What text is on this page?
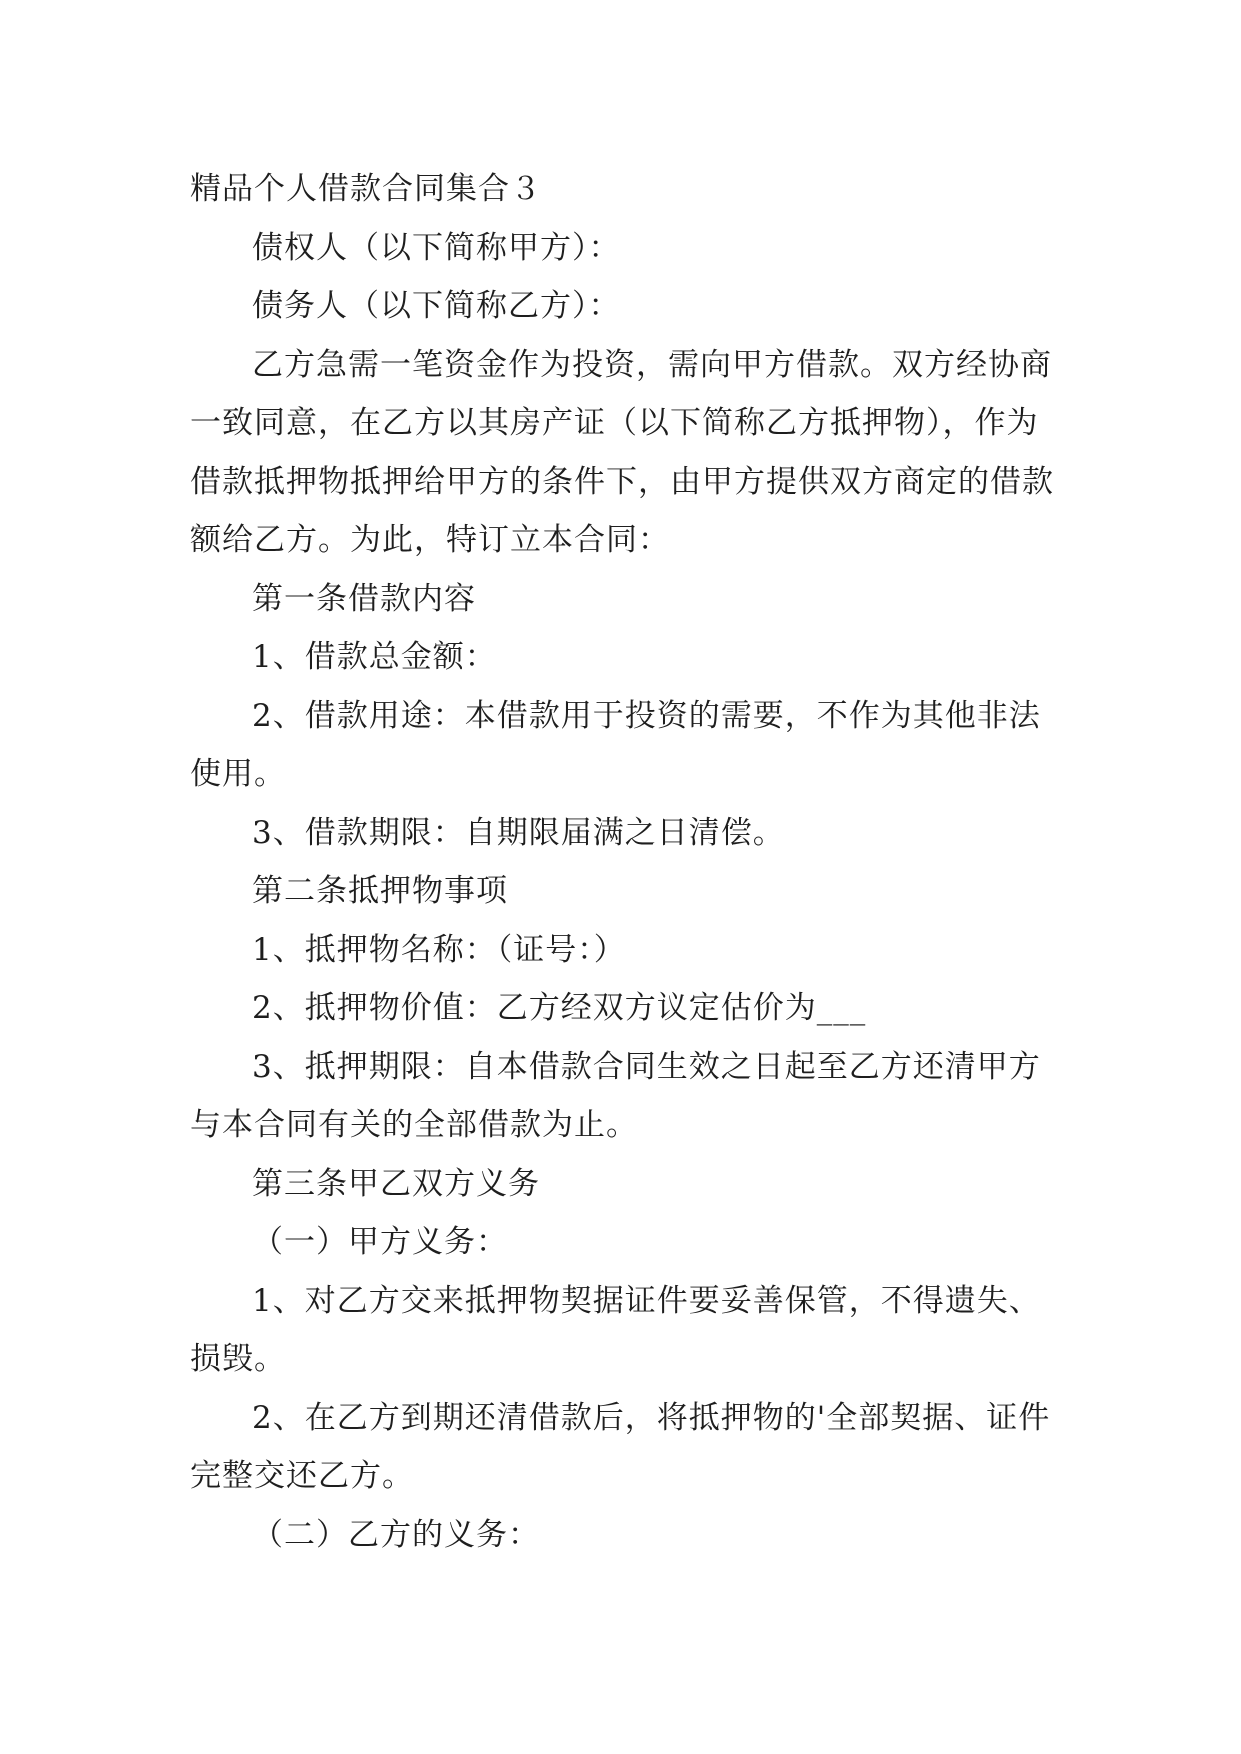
精品个人借款合同集合３

债权人（以下简称甲方）：

债务人（以下简称乙方）：

乙方急需一笔资金作为投资，需向甲方借款。双方经协商一致同意，在乙方以其房产证（以下简称乙方抵押物），作为借款抵押物抵押给甲方的条件下，由甲方提供双方商定的借款额给乙方。为此，特订立本合同：

第一条借款内容

1、借款总金额：

2、借款用途：本借款用于投资的需要，不作为其他非法使用。

3、借款期限：自期限届满之日清偿。

第二条抵押物事项

1、抵押物名称：（证号：）

2、抵押物价值：乙方经双方议定估价为___

3、抵押期限：自本借款合同生效之日起至乙方还清甲方与本合同有关的全部借款为止。

第三条甲乙双方义务

（一）甲方义务：

1、对乙方交来抵押物契据证件要妥善保管，不得遗失、损毁。

2、在乙方到期还清借款后，将抵押物的'全部契据、证件完整交还乙方。

（二）乙方的义务：
